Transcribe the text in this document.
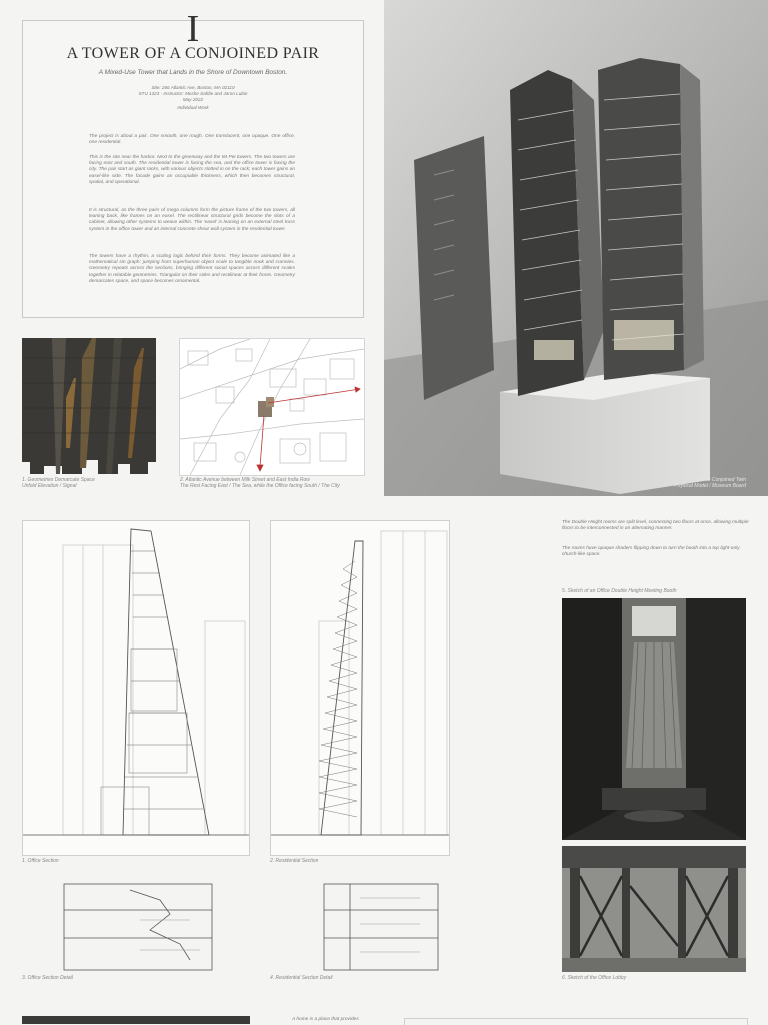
I
A TOWER OF A CONJOINED PAIR
A Mixed-Use Tower that Lands in the Shore of Downtown Boston.
Site: 266 Atlantic Ave, Boston, MA 02110
STU 1323 - Instructor: Moshe Safdie and Jaron Lubin
May 2022
Individual Work
The project is about a pair. One smooth, one rough. One translucent, one opaque. One office, one residential.
This is the site near the harbor. Next to the greenway and the IM Pei towers. The two towers are facing east and south. The residential tower is facing the sea, and the office tower is facing the city. The pair start as giant racks, with various objects slotted in on the rack; each tower gains an easel-like side. The facade gains an occupiable thickness, which then becomes structural, spatial, and operational.
It is structural, as the three pairs of mega columns form the picture frame of the two towers, all leaning back, like frames on an easel. The rectilinear structural grids become the slots of a cabinet, allowing other systems to weave within. The 'easel' is leaning on an external steel truss system in the office tower and an internal concrete shear wall system in the residential tower.
The towers have a rhythm, a scaling logic behind their forms. They become animated like a mathematical sin graph: jumping from superhuman object scale to tangible nook and crannies. Geometry repeats across the sections, bringing different social spaces across different scales together in relatable geometries. Triangular on their sides and rectilinear at their fronts. Geometry demarcates space, and space becomes ornamental.
1. Geometries Demarcate Space
Unfold Elevation / Signal
2. Atlantic Avenue between Milk Street and East India Row
The Resi Facing East / The Sea, while the Office facing South / The City
3. The Conjoined Twin
Physical Model / Museum Board
1. Office Section	2. Residential Section
3. Office Section Detail	4. Residential Section Detail
The Double Height rooms are split level, connecting two floors at once, allowing multiple floors to be interconnected in an alternating manner.
The rooms have opaque shaders flipping down to turn the booth into a top light-only church-like space.
5. Sketch of an Office Double Height Meeting Booth
6. Sketch of the Office Lobby
A home is a place that provides
